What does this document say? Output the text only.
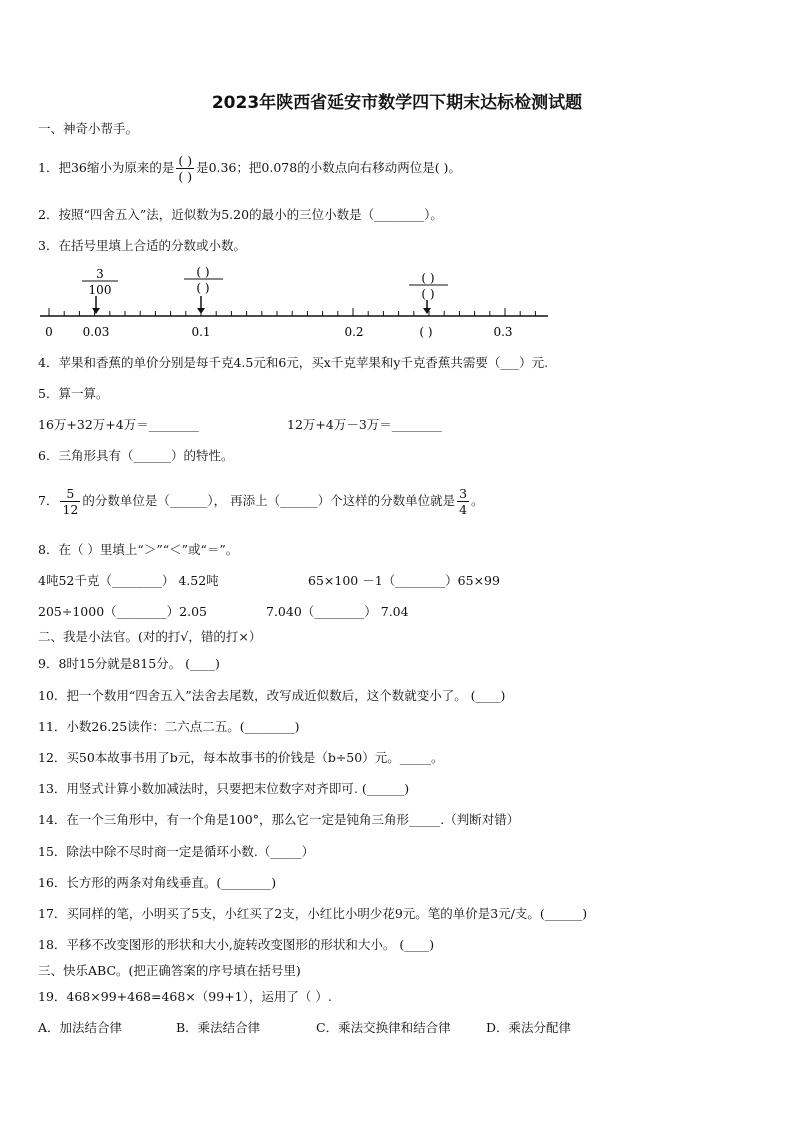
2023年陕西省延安市数学四下期末达标检测试题
一、神奇小帮手。
1．把36缩小为原来的是 $\frac{( )}{( )}$ 是0.36；把0.078的小数点向右移动两位是( )。
2．按照“四舍五入”法，近似数为5.20的最小的三位小数是（________）。
3．在括号里填上合适的分数或小数。
3
100
( )
( )
( )
( )
0 0.03	0.1	0.2	( )	0.3
4．苹果和香蕉的单价分别是每千克4.5元和6元，买x千克苹果和y千克香蕉共需要（___）元.
5．算一算。
16万+32万+4万＝________	12万+4万－3万＝________
6．三角形具有（______）的特性。
7． $\frac{5}{12}$ 的分数单位是（______）， 再添上（______）个这样的分数单位就是 $\frac{3}{4}$ 。
8．在（ ）里填上“＞”“＜”或“＝”。
4吨52千克（________） 4.52吨	65×100 －1（________）65×99
205÷1000（________）2.05	7.040（________） 7.04
二、我是小法官。(对的打√，错的打×）
9．8时15分就是815分。 (____)
10．把一个数用“四舍五入”法舍去尾数，改写成近似数后，这个数就变小了。 (____)
11．小数26.25读作：二六点二五。(________)
12．买50本故事书用了b元，每本故事书的价钱是（b÷50）元。_____。
13．用竖式计算小数加减法时，只要把末位数字对齐即可. (______)
14．在一个三角形中，有一个角是100°，那么它一定是钝角三角形_____.（判断对错）
15．除法中除不尽时商一定是循环小数.（_____）
16．长方形的两条对角线垂直。(________)
17．买同样的笔，小明买了5支，小红买了2支，小红比小明少花9元。笔的单价是3元/支。(______)
18．平移不改变图形的形状和大小,旋转改变图形的形状和大小。 (____)
三、快乐ABC。(把正确答案的序号填在括号里)
19．468×99+468=468×（99+1），运用了（ ）.
A．加法结合律	B．乘法结合律	C．乘法交换律和结合律	D．乘法分配律
